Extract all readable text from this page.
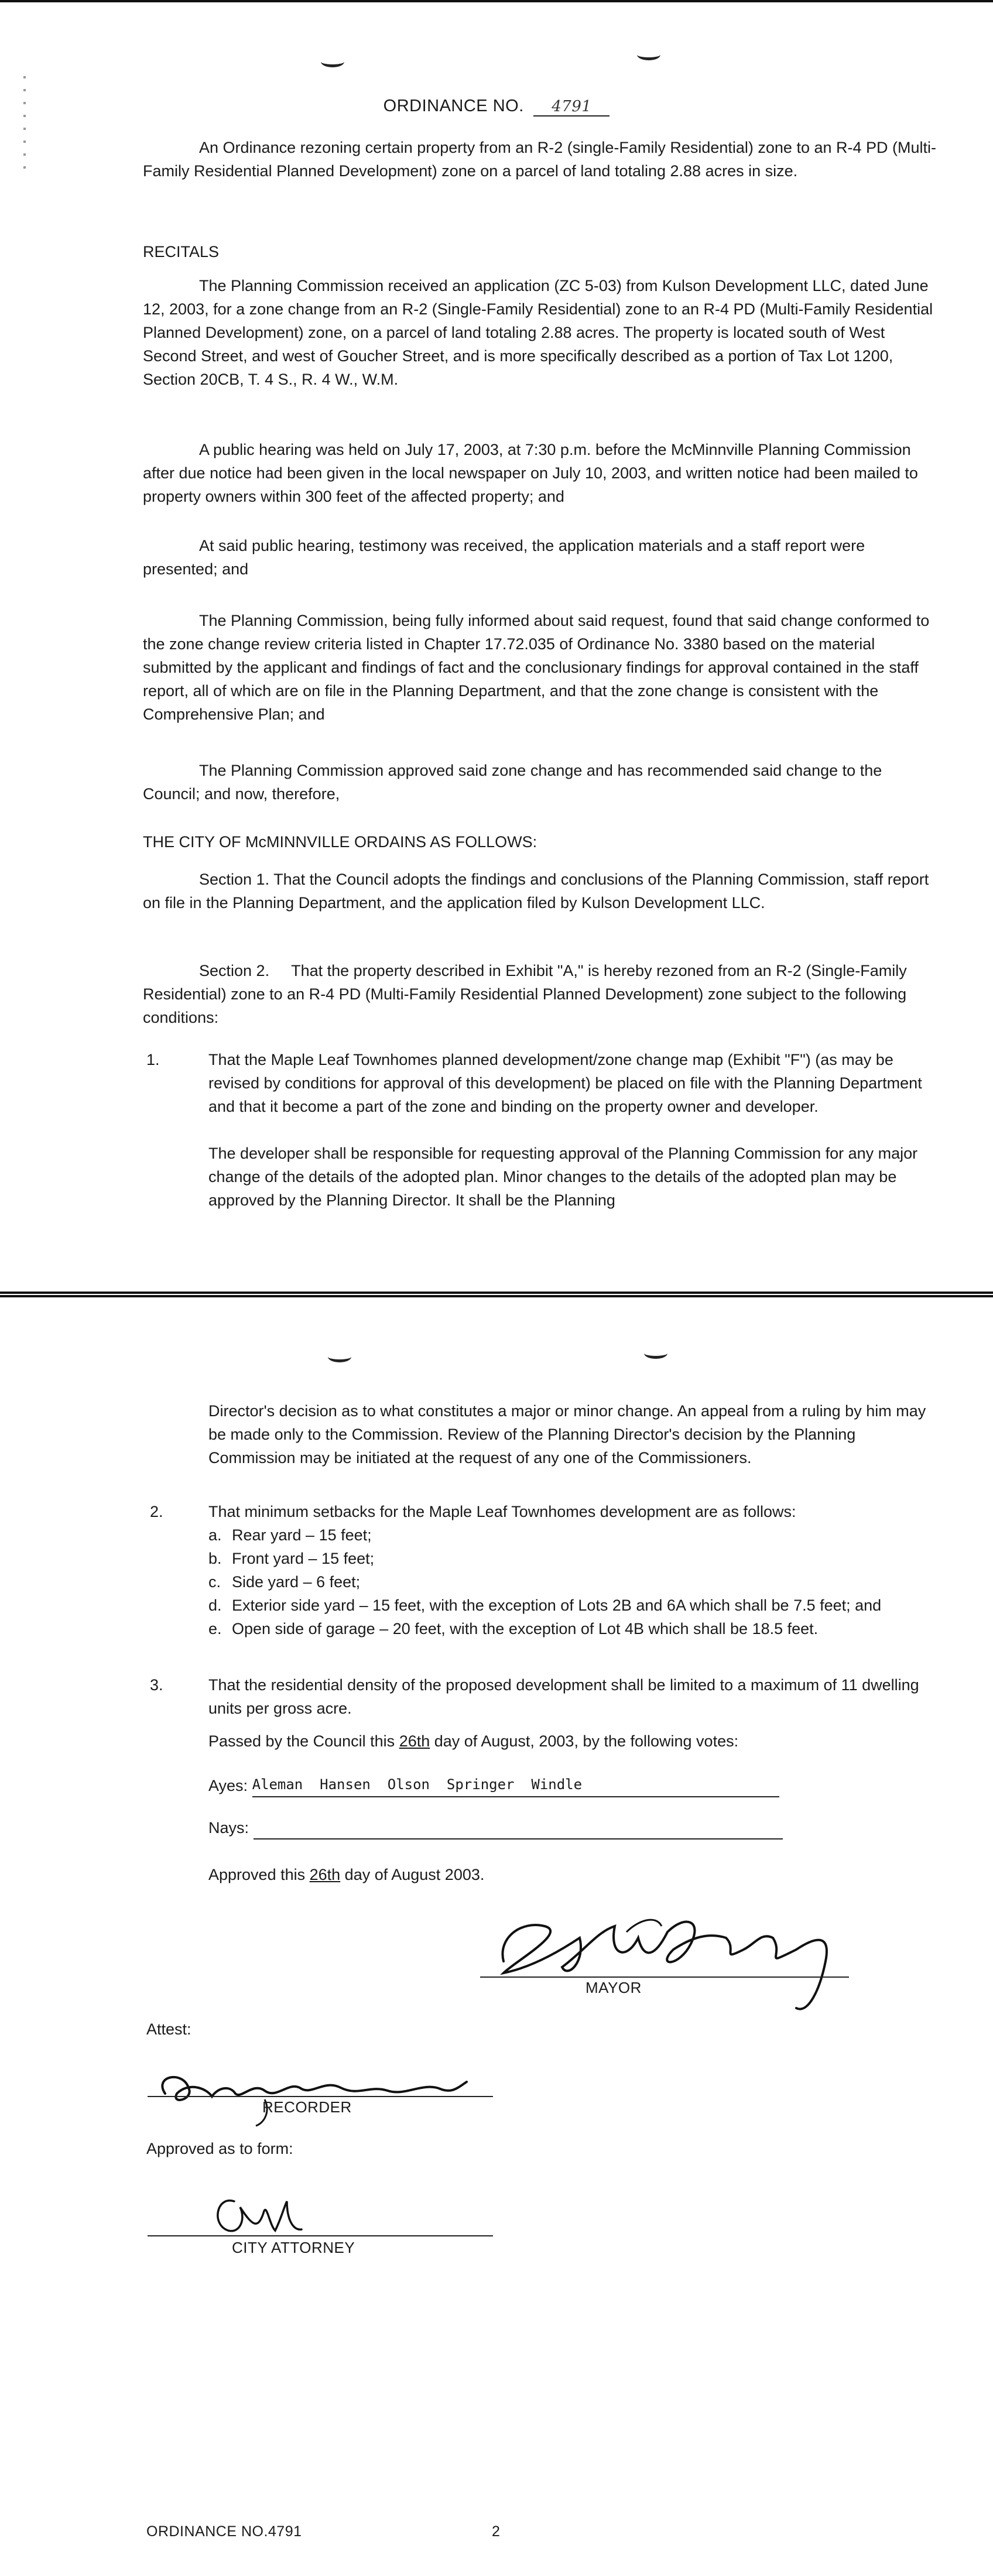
ORDINANCE NO. 4791

An Ordinance rezoning certain property from an R-2 (single-Family Residential) zone to an R-4 PD (Multi-Family Residential Planned Development) zone on a parcel of land totaling 2.88 acres in size.

RECITALS

The Planning Commission received an application (ZC 5-03) from Kulson Development LLC, dated June 12, 2003, for a zone change from an R-2 (Single-Family Residential) zone to an R-4 PD (Multi-Family Residential Planned Development) zone, on a parcel of land totaling 2.88 acres. The property is located south of West Second Street, and west of Goucher Street, and is more specifically described as a portion of Tax Lot 1200, Section 20CB, T. 4 S., R. 4 W., W.M.

A public hearing was held on July 17, 2003, at 7:30 p.m. before the McMinnville Planning Commission after due notice had been given in the local newspaper on July 10, 2003, and written notice had been mailed to property owners within 300 feet of the affected property; and

At said public hearing, testimony was received, the application materials and a staff report were presented; and

The Planning Commission, being fully informed about said request, found that said change conformed to the zone change review criteria listed in Chapter 17.72.035 of Ordinance No. 3380 based on the material submitted by the applicant and findings of fact and the conclusionary findings for approval contained in the staff report, all of which are on file in the Planning Department, and that the zone change is consistent with the Comprehensive Plan; and

The Planning Commission approved said zone change and has recommended said change to the Council; and now, therefore,

THE CITY OF McMINNVILLE ORDAINS AS FOLLOWS:

Section 1. That the Council adopts the findings and conclusions of the Planning Commission, staff report on file in the Planning Department, and the application filed by Kulson Development LLC.

Section 2.     That the property described in Exhibit "A," is hereby rezoned from an R-2 (Single-Family Residential) zone to an R-4 PD (Multi-Family Residential Planned Development) zone subject to the following conditions:

1.	That the Maple Leaf Townhomes planned development/zone change map (Exhibit "F") (as may be revised by conditions for approval of this development) be placed on file with the Planning Department and that it become a part of the zone and binding on the property owner and developer.

The developer shall be responsible for requesting approval of the Planning Commission for any major change of the details of the adopted plan. Minor changes to the details of the adopted plan may be approved by the Planning Director. It shall be the Planning

Director's decision as to what constitutes a major or minor change. An appeal from a ruling by him may be made only to the Commission. Review of the Planning Director's decision by the Planning Commission may be initiated at the request of any one of the Commissioners.

2.	That minimum setbacks for the Maple Leaf Townhomes development are as follows:
a. Rear yard – 15 feet;
b. Front yard – 15 feet;
c. Side yard – 6 feet;
d. Exterior side yard – 15 feet, with the exception of Lots 2B and 6A which shall be 7.5 feet; and
e. Open side of garage – 20 feet, with the exception of Lot 4B which shall be 18.5 feet.
3.	That the residential density of the proposed development shall be limited to a maximum of 11 dwelling units per gross acre.

Passed by the Council this 26th day of August, 2003, by the following votes:
Ayes: Aleman  Hansen  Olson  Springer  Windle
Nays:
Approved this 26th day of August 2003.
MAYOR

Attest:

RECORDER

Approved as to form:

CITY ATTORNEY
ORDINANCE NO.4791	2
